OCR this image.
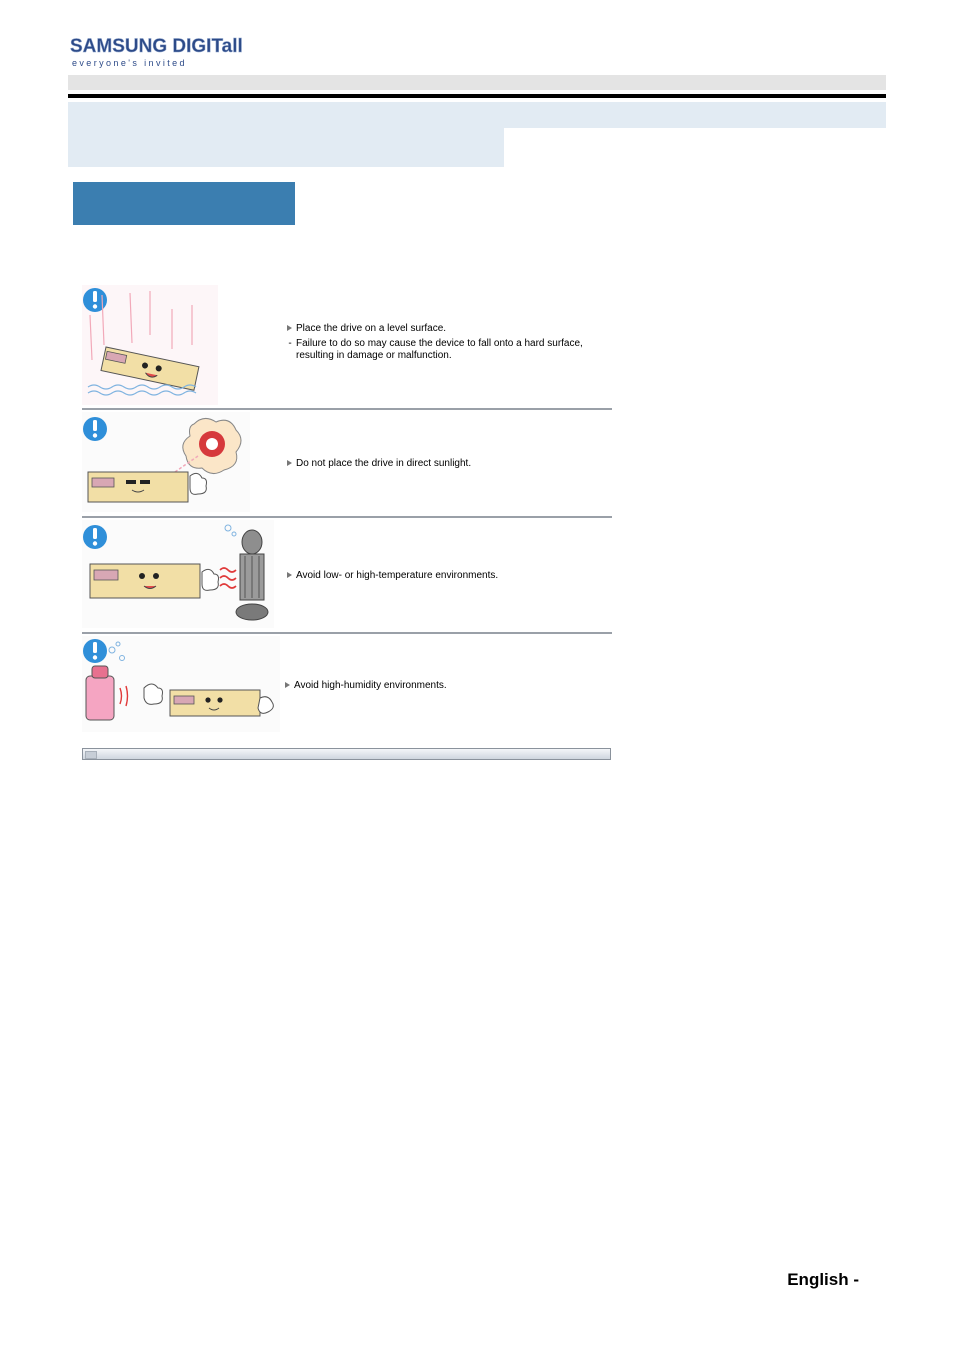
SAMSUNG DIGITall
everyone's invited
Place the drive on a level surface.
- Failure to do so may cause the device to fall onto a hard surface, resulting in damage or malfunction.
Do not place the drive in direct sunlight.
Avoid low- or high-temperature environments.
Avoid high-humidity environments.
English -
